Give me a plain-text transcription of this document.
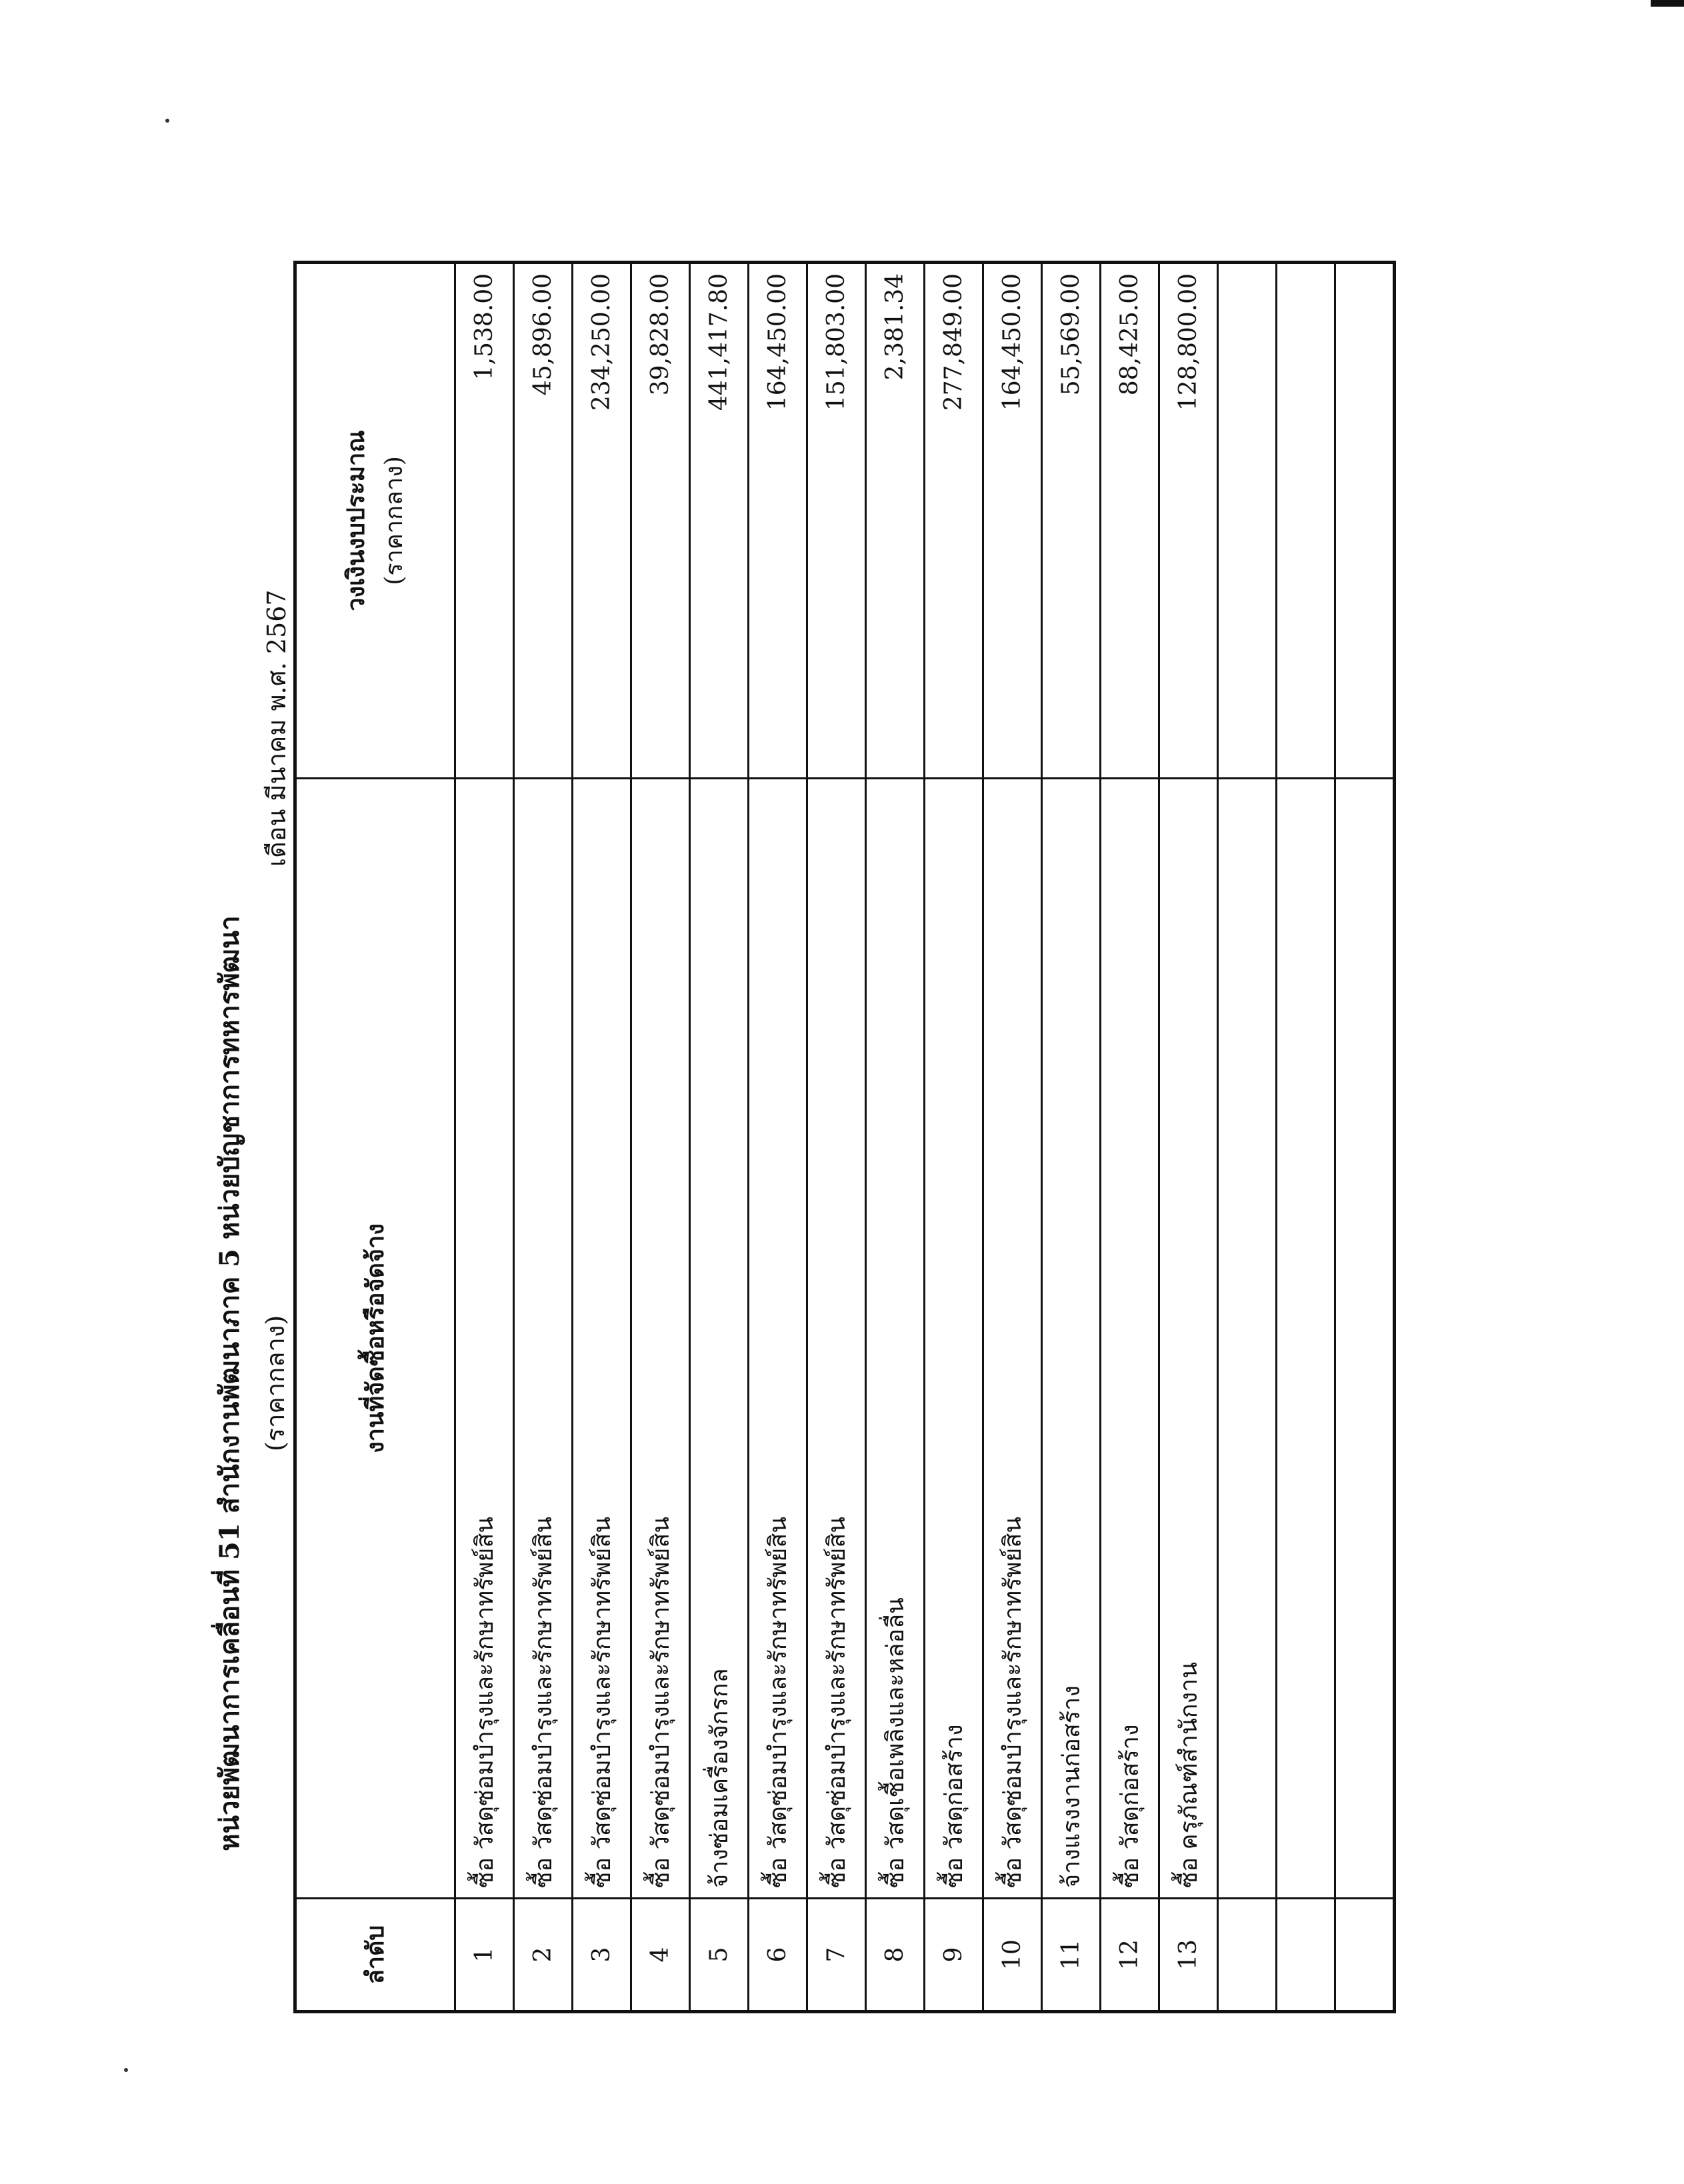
หน่วยพัฒนาการเคลื่อนที่ 51 สำนักงานพัฒนาภาค 5 หน่วยบัญชาการทหารพัฒนา (ราคากลาง)
เดือน มีนาคม พ.ศ. 2567
ลำดับ	งานที่จัดซื้อหรือจัดจ้าง	วงเงินงบประมาณ (ราคากลาง)

1	ซื้อ วัสดุซ่อมบำรุงและรักษาทรัพย์สิน	1,538.00
2	ซื้อ วัสดุซ่อมบำรุงและรักษาทรัพย์สิน	45,896.00
3	ซื้อ วัสดุซ่อมบำรุงและรักษาทรัพย์สิน	234,250.00
4	ซื้อ วัสดุซ่อมบำรุงและรักษาทรัพย์สิน	39,828.00
5	จ้างซ่อมเครื่องจักรกล	441,417.80
6	ซื้อ วัสดุซ่อมบำรุงและรักษาทรัพย์สิน	164,450.00
7	ซื้อ วัสดุซ่อมบำรุงและรักษาทรัพย์สิน	151,803.00
8	ซื้อ วัสดุเชื้อเพลิงและหล่อลื่น	2,381.34
9	ซื้อ วัสดุก่อสร้าง	277,849.00
10	ซื้อ วัสดุซ่อมบำรุงและรักษาทรัพย์สิน	164,450.00
11	จ้างแรงงานก่อสร้าง	55,569.00
12	ซื้อ วัสดุก่อสร้าง	88,425.00
13	ซื้อ ครุภัณฑ์สำนักงาน	128,800.00
